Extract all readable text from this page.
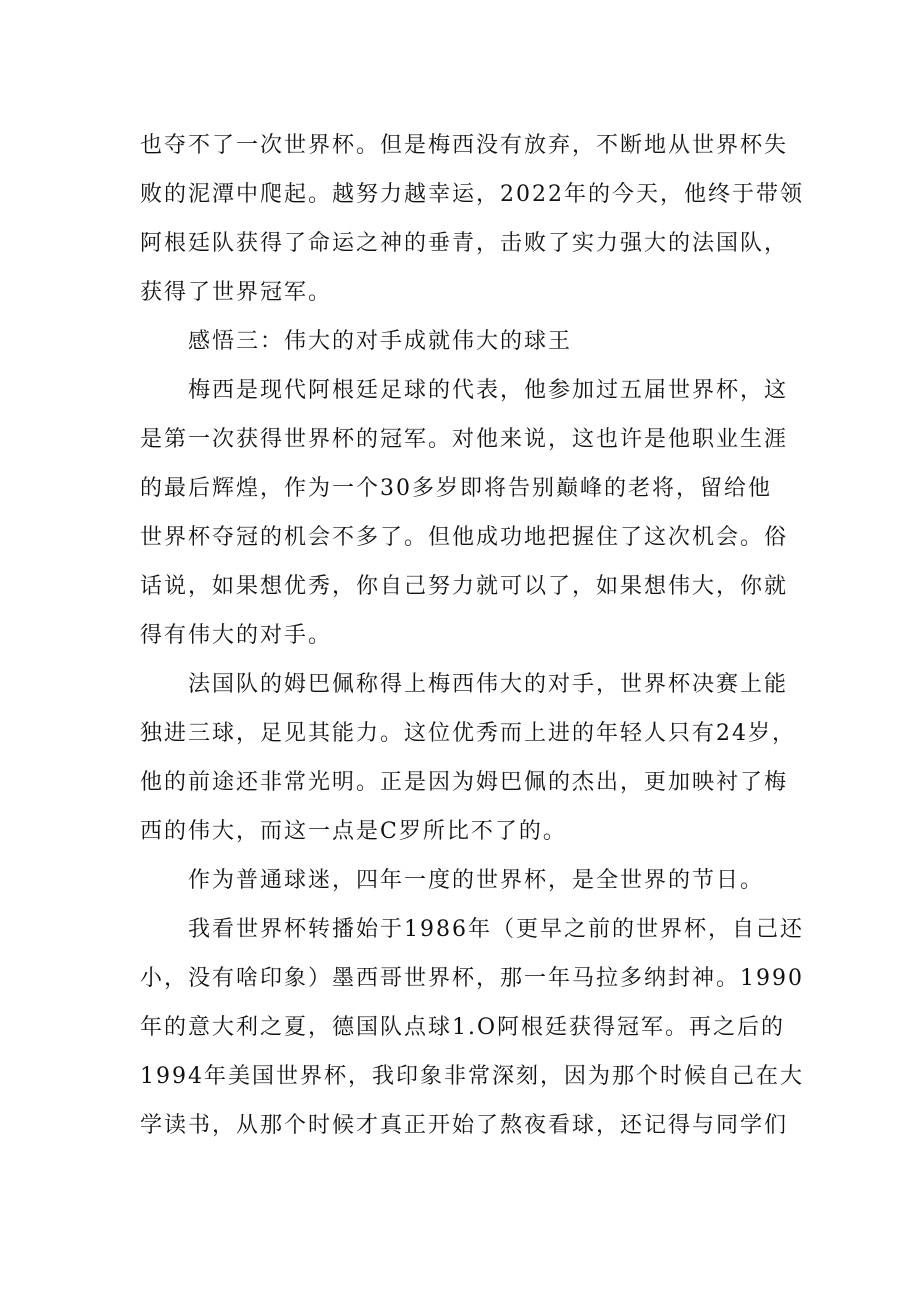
也夺不了一次世界杯。但是梅西没有放弃，不断地从世界杯失
败的泥潭中爬起。越努力越幸运，2022年的今天，他终于带领
阿根廷队获得了命运之神的垂青，击败了实力强大的法国队，
获得了世界冠军。
感悟三：伟大的对手成就伟大的球王
梅西是现代阿根廷足球的代表，他参加过五届世界杯，这
是第一次获得世界杯的冠军。对他来说，这也许是他职业生涯
的最后辉煌，作为一个30多岁即将告别巅峰的老将，留给他
世界杯夺冠的机会不多了。但他成功地把握住了这次机会。俗
话说，如果想优秀，你自己努力就可以了，如果想伟大，你就
得有伟大的对手。
法国队的姆巴佩称得上梅西伟大的对手，世界杯决赛上能
独进三球，足见其能力。这位优秀而上进的年轻人只有24岁，
他的前途还非常光明。正是因为姆巴佩的杰出，更加映衬了梅
西的伟大，而这一点是C罗所比不了的。
作为普通球迷，四年一度的世界杯，是全世界的节日。
我看世界杯转播始于1986年（更早之前的世界杯，自己还
小，没有啥印象）墨西哥世界杯，那一年马拉多纳封神。1990
年的意大利之夏，德国队点球1.O阿根廷获得冠军。再之后的
1994年美国世界杯，我印象非常深刻，因为那个时候自己在大
学读书，从那个时候才真正开始了熬夜看球，还记得与同学们
